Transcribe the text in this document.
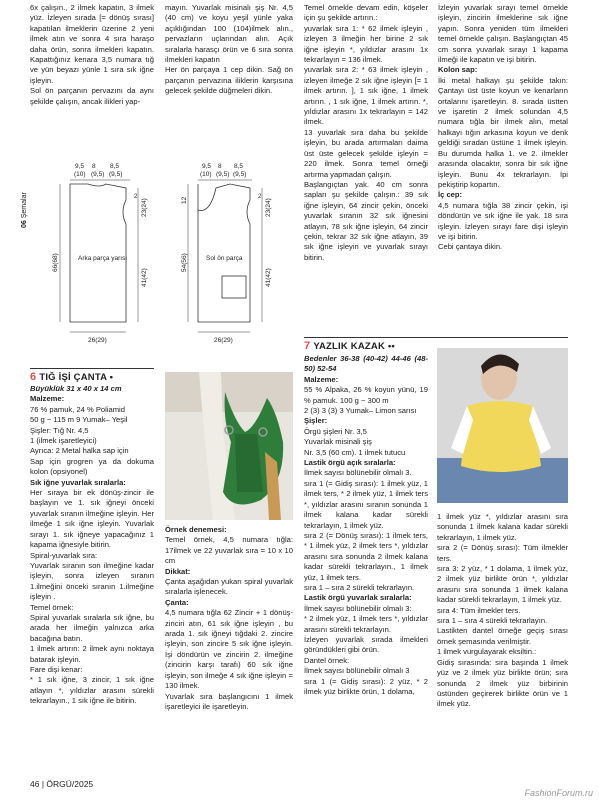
6x çalışın., 2 ilmek kapatın, 3 ilmek yüz. İzleyen sırada [= dönüş sırası] kapatılan ilmeklerin üzerine 2 yeni ilmek atın ve sonra 4 sıra haraşo daha örün, sonra ilmekleri kapatın. Kapattığınız kenara 3,5 numara tığ ve yün beyazı yünle 1 sıra sık iğne işleyin.

Sol ön parçanın pervazını da aynı şekilde çalışın, ancak ilikleri yap-

mayın. Yuvarlak misinalı şiş Nr. 4,5 (40 cm) ve koyu yeşil yünle yaka açıklığından 100 (104)ilmek alın., pervazların uçlarından alın. Açık sıralarla harasçı örün ve 6 sıra sonra ilmekleri kapatın

Her ön parçaya 1 cep dikin. Sağ ön parçanın pervazına iliklerin karşısına gelecek şekilde düğmeleri dikin.

9,5 8 8,5
(10) (9,5) (9,5)
2
23(24)
41(42)
66(68)	Arka parça yarısı
26(29)
9,5 8 8,5
(10) (9,5) (9,5)
12
54(56)
2
23(24)
41(42)
Sol ön parça
26(29)
06 Şemalar
6 TIĞ İŞİ ÇANTA •

Büyüklük 31 x 40 x 14 cm

Malzeme:

76 % pamuk, 24 % Poliamid

50 g ~ 115 m 9 Yumak– Yeşil

Şişler: Tığ Nr. 4,5

1 (ilmek işaretleyici)

Ayrıca: 2 Metal halka sap için

Sap için grogren ya da dokuma kolon (opsiyonel)

Sık iğne yuvarlak sıralarla:

Her sıraya bir ek dönüş-zincir ile başlayın ve 1. sık iğneyi önceki yuvarlak sıranın ilmeğine işleyin. Her ilmeğe 1 sık iğne işleyin. Yuvarlak sırayı 1. sık iğneye yapacağınız 1 kapama iğnesiyle bitirin.

Spiral-yuvarlak sıra:

Yuvarlak sıranın son ilmeğine kadar işleyin, sonra izleyen sıranın 1.ilmeğini önceki sıranın 1.ilmeğine işleyin .

Temel örnek:

Spiral yuvarlak sıralarla sık iğne, bu arada her ilmeğin yalnızca arka bacağına batın.

1 ilmek artırın: 2 ilmek aynı noktaya batarak işleyin.

Fare dişi kenar:

* 1 sık iğne, 3 zincir, 1 sık iğne atlayın *, yıldızlar arasını sürekli tekrarlayın., 1 sık iğne ile bitirin.

Örnek denemesi:

Temel örnek, 4,5 numara tığla: 17ilmek ve 22 yuvarlak sıra = 10 x 10 cm

Dikkat:

Çanta aşağıdan yukarı spiral yuvarlak sıralarla işlenecek.

Çanta:

4,5 numara tığla 62 Zincir + 1 dönüş-zinciri atın, 61 sık iğne işleyin , bu arada 1. sık iğneyi tığdaki 2. zincire işleyin, son zincire 5 sık iğne işleyin. İşi döndürün ve zincirin 2. ilmeğine (zincirin karşı tarafı) 60 sık iğne işleyin, son ilmeğe 4 sık iğne işleyin = 130 ilmek.

Yuvarlak sıra başlangıcını 1 ilmek işaretleyici ile işaretleyin.

Temel örnekle devam edin, köşeler için şu şekilde artırın.:

yuvarlak sıra 1: * 62 ilmek işleyin , izleyen 3 ilmeğin her birine 2 sık iğne işleyin *, yıldızlar arasını 1x tekrarlayın = 136 ilmek.

yuvarlak sıra 2: * 63 ilmek işleyin , izleyen ilmeğe 2 sık iğne işleyin [= 1 ilmek artırın. ], 1 sık iğne, 1 ilmek artırın. , 1 sık iğne, 1 ilmek artırın. *, yıldızlar arasını 1x tekrarlayın = 142 ilmek.

13 yuvarlak sıra daha bu şekilde işleyin, bu arada artırmaları daima üst üste gelecek şekilde işleyin = 220 ilmek. Sonra temel örneği artırma yapmadan çalışın.

Başlangıçtan yak. 40 cm sonra sapları şu şekilde çalışın.: 39 sık iğne işleyin, 64 zincir çekin, önceki yuvarlak sıranın 32 sık iğnesini atlayın, 78 sık iğne işleyin, 64 zincir çekin, tekrar 32 sık iğne atlayın, 39 sık iğne işleyin ve yuvarlak sırayı bitirin.

İzleyin yuvarlak sırayı temel örnekle işleyin, zincirin ilmeklerine sık iğne yapın. Sonra yeniden tüm ilmekleri temel örnekle çalışın. Başlangıçtan 45 cm sonra yuvarlak sırayı 1 kapama ilmeği ile kapatın ve işi bitirin.

Kolon sap:

İki metal halkayı şu şekilde takın: Çantayı üst üste koyun ve kenarların ortalarını işaretleyin. 8. sırada üstten ve işaretin 2 ilmek solundan 4,5 numara tığla bir ilmek alın, metal halkayı tığın arkasına koyun ve denk geldiği sıradan üstüne 1 ilmek işleyin. Bu durumda halka 1. ve 2. ilmekler arasında olacaktır, sonra bir sık iğne işleyin. Bunu 4x tekrarlayın. İpi pekiştirip kopartın.

İç cep:

4,5 numara tığla 38 zincir çekin, işi döndürün ve sık iğne ile yak. 18 sıra işleyin. İzleyen sırayı fare dişi işleyin ve işi bitirin.

Cebi çantaya dikin.

7 YAZLIK KAZAK ••

Bedenler 36-38 (40-42) 44-46 (48-50) 52-54

Malzeme:

55 % Alpaka, 26 % koyun yünü, 19 % pamuk. 100 g ~ 300 m

2 (3) 3 (3) 3 Yumak– Limon sarısı

Şişler:

Örgü şişleri Nr. 3,5

Yuvarlak misinali şiş

Nr. 3,5 (60 cm). 1 ilmek tutucu

Lastik örgü açık sıralarla:

İlmek sayısı bölünebilir olmalı 3.

sıra 1 (= Gidiş sırası): 1 ilmek yüz, 1 ilmek ters, * 2 ilmek yüz, 1 ilmek ters *, yıldızlar arasını sıranın sonunda 1 ilmek kalana kadar sürekli tekrarlayın, 1 ilmek yüz.

sıra 2 (= Dönüş sırası): 1 ilmek ters, * 1 ilmek yüz, 2 ilmek ters *, yıldızlar arasını sıra sonunda 2 ilmek kalana kadar sürekli tekrarlayın., 1 ilmek yüz, 1 ilmek ters.

sıra 1 – sıra 2 sürekli tekrarlayın.

Lastik örgü yuvarlak sıralarla:

İlmek sayısı bölünebilir olmalı 3:

* 2 ilmek yüz, 1 ilmek ters *, yıldızlar arasını sürekli tekrarlayın.

İzleyen yuvarlak sırada ilmekleri göründükleri gibi örün.

Dantel örnek:

İlmek sayısı bölünebilir olmalı 3

sıra 1 (= Gidiş sırası): 2 yüz, * 2 ilmek yüz birlikte örün, 1 dolama,

1 ilmek yüz *, yıldızlar arasını sıra sonunda 1 ilmek kalana kadar sürekli tekrarlayın, 1 ilmek yüz.

sıra 2 (= Dönüş sırası): Tüm ilmekler ters.

sıra 3: 2 yüz, * 1 dolama, 1 ilmek yüz, 2 ilmek yüz birlikte örün *, yıldızlar arasını sıra sonunda 1 ilmek kalana kadar sürekli tekrarlayın, 1 ilmek yüz.

sıra 4: Tüm ilmekler ters.

sıra 1 – sıra 4 sürekli tekrarlayın.

Lastikten dantel örneğe geçiş sırası örnek şemasında verilmiştir.

1 ilmek vurgulayarak eksiltin.:

Gidiş sırasında: sıra başında 1 ilmek yüz ve 2 ilmek yüz birlikte örün; sıra sonunda 2 ilmek yüz birbirinin üstünden geçirerek birlikte örün ve 1 ilmek yüz.

46 | ÖRGÜ/2025
FashionForum.ru
